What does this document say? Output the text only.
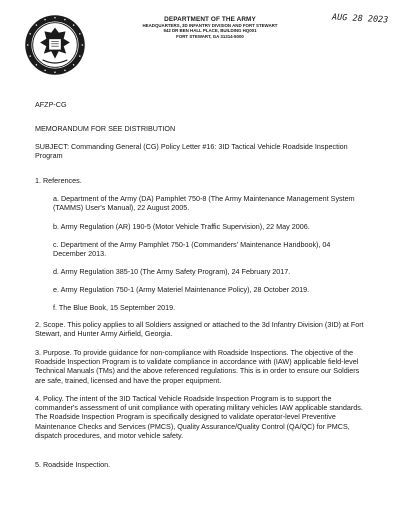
DEPARTMENT OF THE ARMY
HEADQUARTERS, 3D INFANTRY DIVISION AND FORT STEWART
942 DR BEN HALL PLACE, BUILDING HQ001
FORT STEWART, GA 31314-5000
AUG 28 2023
AFZP-CG
MEMORANDUM FOR SEE DISTRIBUTION
SUBJECT: Commanding General (CG) Policy Letter #16: 3ID Tactical Vehicle Roadside Inspection Program
1. References.
a. Department of the Army (DA) Pamphlet 750-8 (The Army Maintenance Management System (TAMMS) User's Manual), 22 August 2005.
b. Army Regulation (AR) 190-5 (Motor Vehicle Traffic Supervision), 22 May 2006.
c. Department of the Army Pamphlet 750-1 (Commanders' Maintenance Handbook), 04 December 2013.
d. Army Regulation 385-10 (The Army Safety Program), 24 February 2017.
e. Army Regulation 750-1 (Army Materiel Maintenance Policy), 28 October 2019.
f. The Blue Book, 15 September 2019.
2. Scope. This policy applies to all Soldiers assigned or attached to the 3d Infantry Division (3ID) at Fort Stewart, and Hunter Army Airfield, Georgia.
3. Purpose. To provide guidance for non-compliance with Roadside Inspections. The objective of the Roadside Inspection Program is to validate compliance in accordance with (IAW) applicable field-level Technical Manuals (TMs) and the above referenced regulations. This is in order to ensure our Soldiers are safe, trained, licensed and have the proper equipment.
4. Policy. The intent of the 3ID Tactical Vehicle Roadside Inspection Program is to support the commander's assessment of unit compliance with operating military vehicles IAW applicable standards. The Roadside Inspection Program is specifically designed to validate operator-level Preventive Maintenance Checks and Services (PMCS), Quality Assurance/Quality Control (QA/QC) for PMCS, dispatch procedures, and motor vehicle safety.
5. Roadside Inspection.
